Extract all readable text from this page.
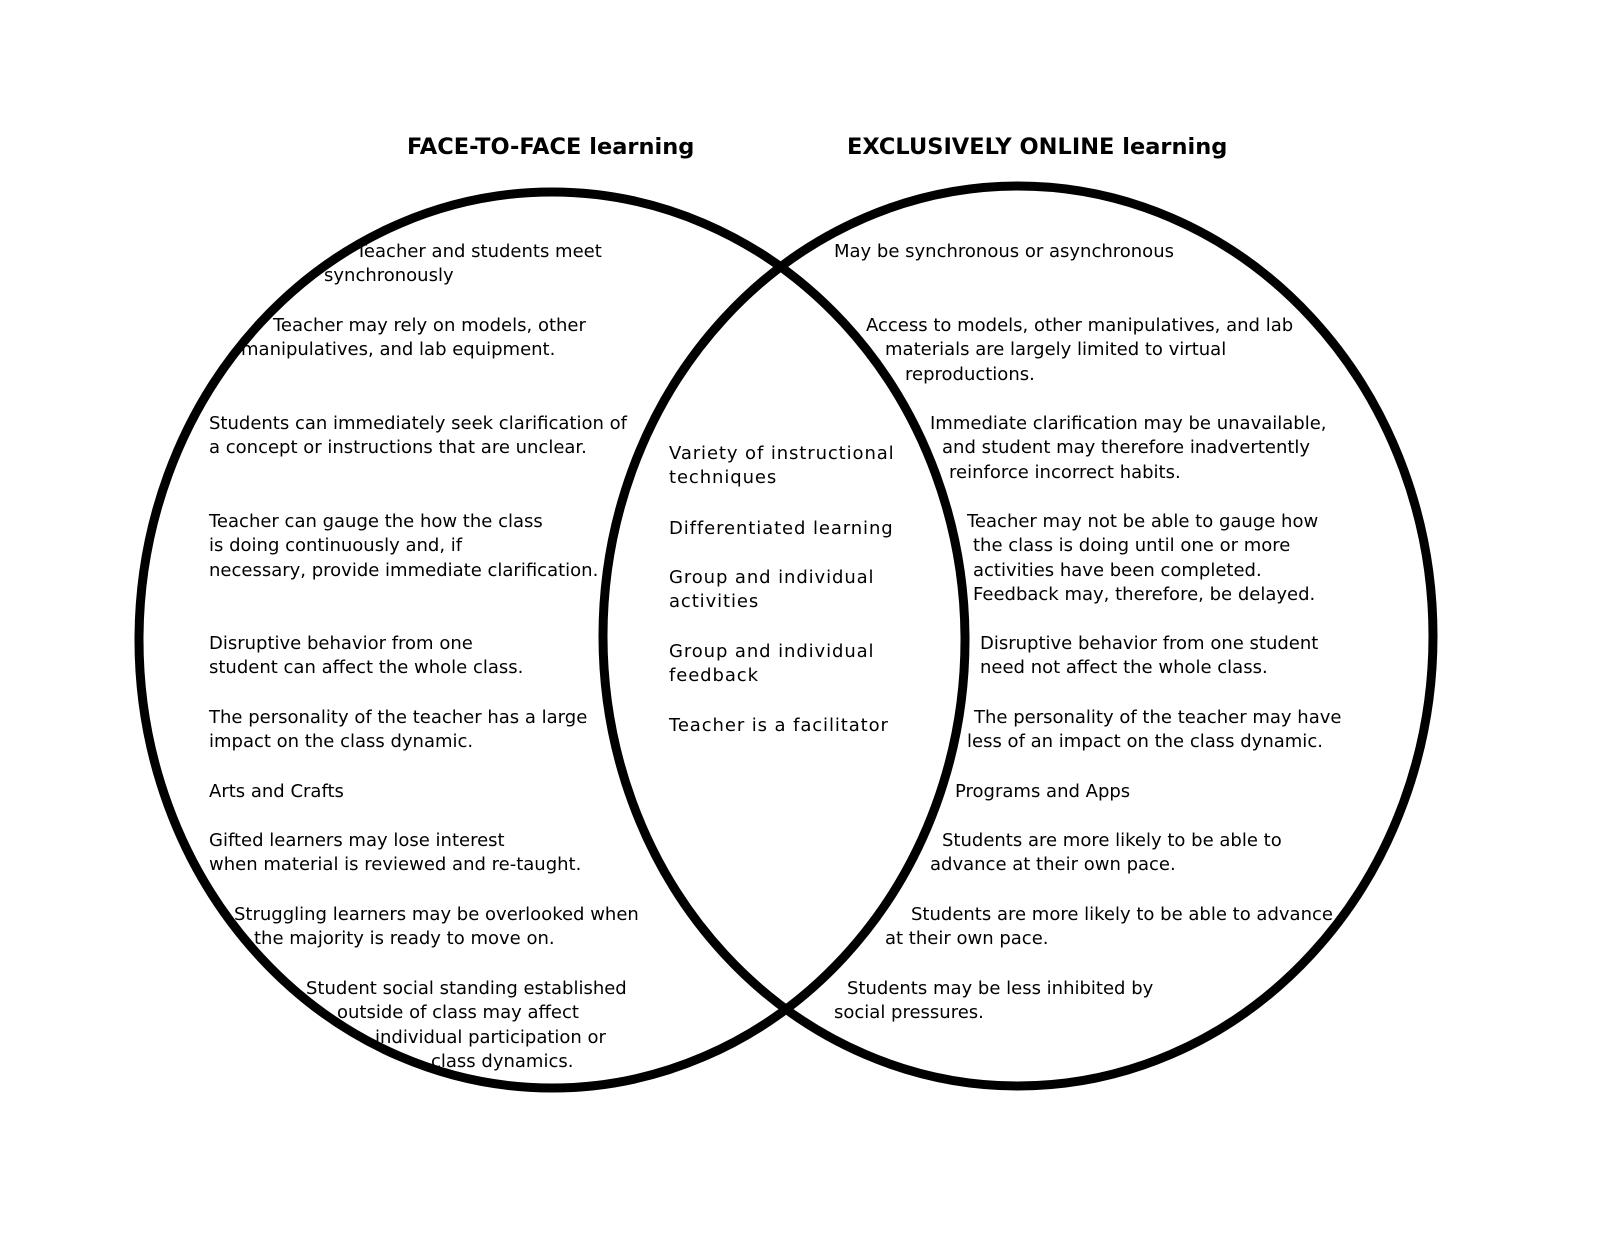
FACE-TO-FACE learning	EXCLUSIVELY ONLINE learning
Teacher and students meet
synchronously
Teacher may rely on models, other
manipulatives, and lab equipment.
Students can immediately seek clarification of
a concept or instructions that are unclear.
Teacher can gauge the how the class
is doing continuously and, if
necessary, provide immediate clarification.
Disruptive behavior from one
student can affect the whole class.
The personality of the teacher has a large
impact on the class dynamic.
Arts and Crafts
Gifted learners may lose interest
when material is reviewed and re-taught.
Struggling learners may be overlooked when
the majority is ready to move on.
Student social standing established
outside of class may affect
individual participation or
class dynamics.
Variety of instructional
techniques
Differentiated learning
Group and individual
activities
Group and individual
feedback
Teacher is a facilitator
May be synchronous or asynchronous
Access to models, other manipulatives, and lab
materials are largely limited to virtual
reproductions.
Immediate clarification may be unavailable,
and student may therefore inadvertently
reinforce incorrect habits.
Teacher may not be able to gauge how
the class is doing until one or more
activities have been completed.
Feedback may, therefore, be delayed.
Disruptive behavior from one student
need not affect the whole class.
The personality of the teacher may have
less of an impact on the class dynamic.
Programs and Apps
Students are more likely to be able to
advance at their own pace.
Students are more likely to be able to advance
at their own pace.
Students may be less inhibited by
social pressures.
